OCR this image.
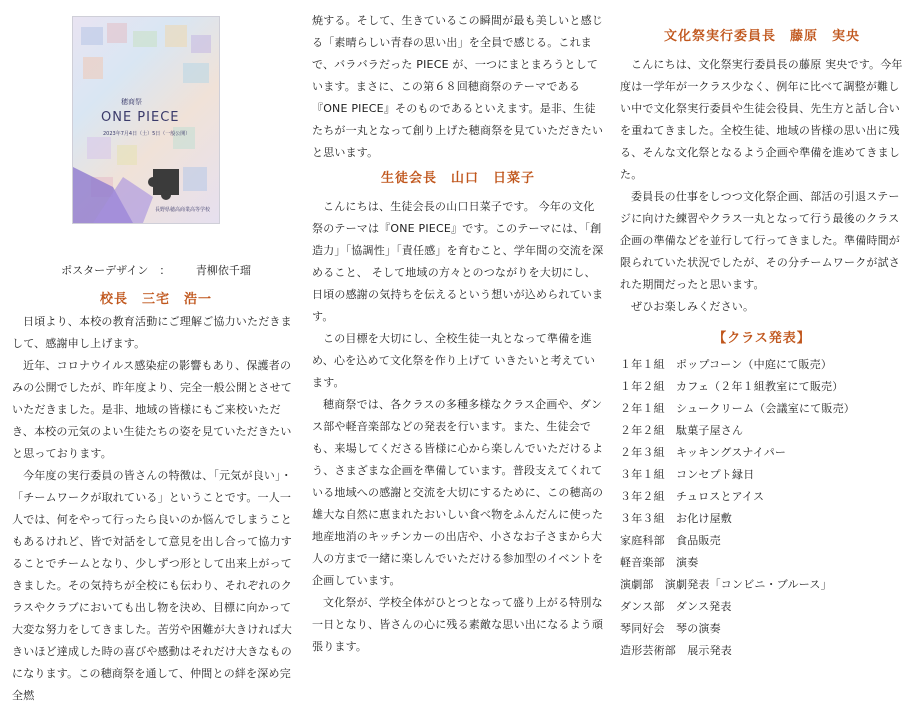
穂商祭
ONE PIECE
2023年7月4日（土）5日（一般公開）
長野県穂高商業高等学校
ポスターデザイン　： 青柳依千瑠
校長　三宅　浩一

日頃より、本校の教育活動にご理解ご協力いただきまして、感謝申し上げます。

近年、コロナウイルス感染症の影響もあり、保護者のみの公開でしたが、昨年度より、完全一般公開とさせていただきました。是非、地域の皆様にもご来校いただき、本校の元気のよい生徒たちの姿を見ていただきたいと思っております。

今年度の実行委員の皆さんの特徴は、「元気が良い」・「チームワークが取れている」ということです。一人一人では、何をやって行ったら良いのか悩んでしまうこともあるけれど、皆で対話をして意見を出し合って協力することでチームとなり、少しずつ形として出来上がってきました。その気持ちが全校にも伝わり、それぞれのクラスやクラブにおいても出し物を決め、目標に向かって大変な努力をしてきました。苦労や困難が大きければ大きいほど達成した時の喜びや感動はそれだけ大きなものになります。この穂商祭を通して、仲間との絆を深め完全燃

焼する。そして、生きているこの瞬間が最も美しいと感じる「素晴らしい青春の思い出」を全員で感じる。これまで、バラバラだった PIECE が、一つにまとまろうとしています。まさに、この第６８回穂商祭のテーマである　『ONE PIECE』そのものであるといえます。是非、生徒たちが一丸となって創り上げた穂商祭を見ていただきたいと思います。

生徒会長　山口　日菜子

こんにちは、生徒会長の山口日菜子です。 今年の文化祭のテーマは『ONE PIECE』です。このテーマには、「創造力」「協調性」「責任感」を育むこと、学年間の交流を深めること、 そして地域の方々とのつながりを大切にし、日頃の感謝の気持ちを伝えるという想いが込められています。

この目標を大切にし、全校生徒一丸となって準備を進め、心を込めて文化祭を作り上げて いきたいと考えています。

穂商祭では、各クラスの多種多様なクラス企画や、ダンス部や軽音楽部などの発表を行います。また、生徒会でも、来場してくださる皆様に心から楽しんでいただけるよう、さまざまな企画を準備しています。普段支えてくれている地域への感謝と交流を大切にするために、この穂高の雄大な自然に恵まれたおいしい食べ物をふんだんに使った地産地消のキッチンカーの出店や、小さなお子さまから大人の方まで一緒に楽しんでいただける参加型のイベントを企画しています。

文化祭が、学校全体がひとつとなって盛り上がる特別な一日となり、皆さんの心に残る素敵な思い出になるよう頑張ります。

文化祭実行委員長　藤原　実央

こんにちは、文化祭実行委員長の藤原 実央です。今年度は一学年が一クラス少なく、例年に比べて調整が難しい中で文化祭実行委員や生徒会役員、先生方と話し合いを重ねてきました。全校生徒、地域の皆様の思い出に残る、そんな文化祭となるよう企画や準備を進めてきました。

委員長の仕事をしつつ文化祭企画、部活の引退ステージに向けた練習やクラス一丸となって行う最後のクラス企画の準備などを並行して行ってきました。準備時間が限られていた状況でしたが、その分チームワークが試された期間だったと思います。

ぜひお楽しみください。

【クラス発表】
１年１組　ポップコーン（中庭にて販売）
１年２組　カフェ（２年１組教室にて販売）
２年１組　シュークリーム（会議室にて販売）
２年２組　駄菓子屋さん
２年３組　キッキングスナイパー
３年１組　コンセプト縁日
３年２組　チュロスとアイス
３年３組　お化け屋敷
家庭科部　食品販売
軽音楽部　演奏
演劇部　演劇発表「コンビニ・ブルース」
ダンス部　ダンス発表
琴同好会　琴の演奏
造形芸術部　展示発表
